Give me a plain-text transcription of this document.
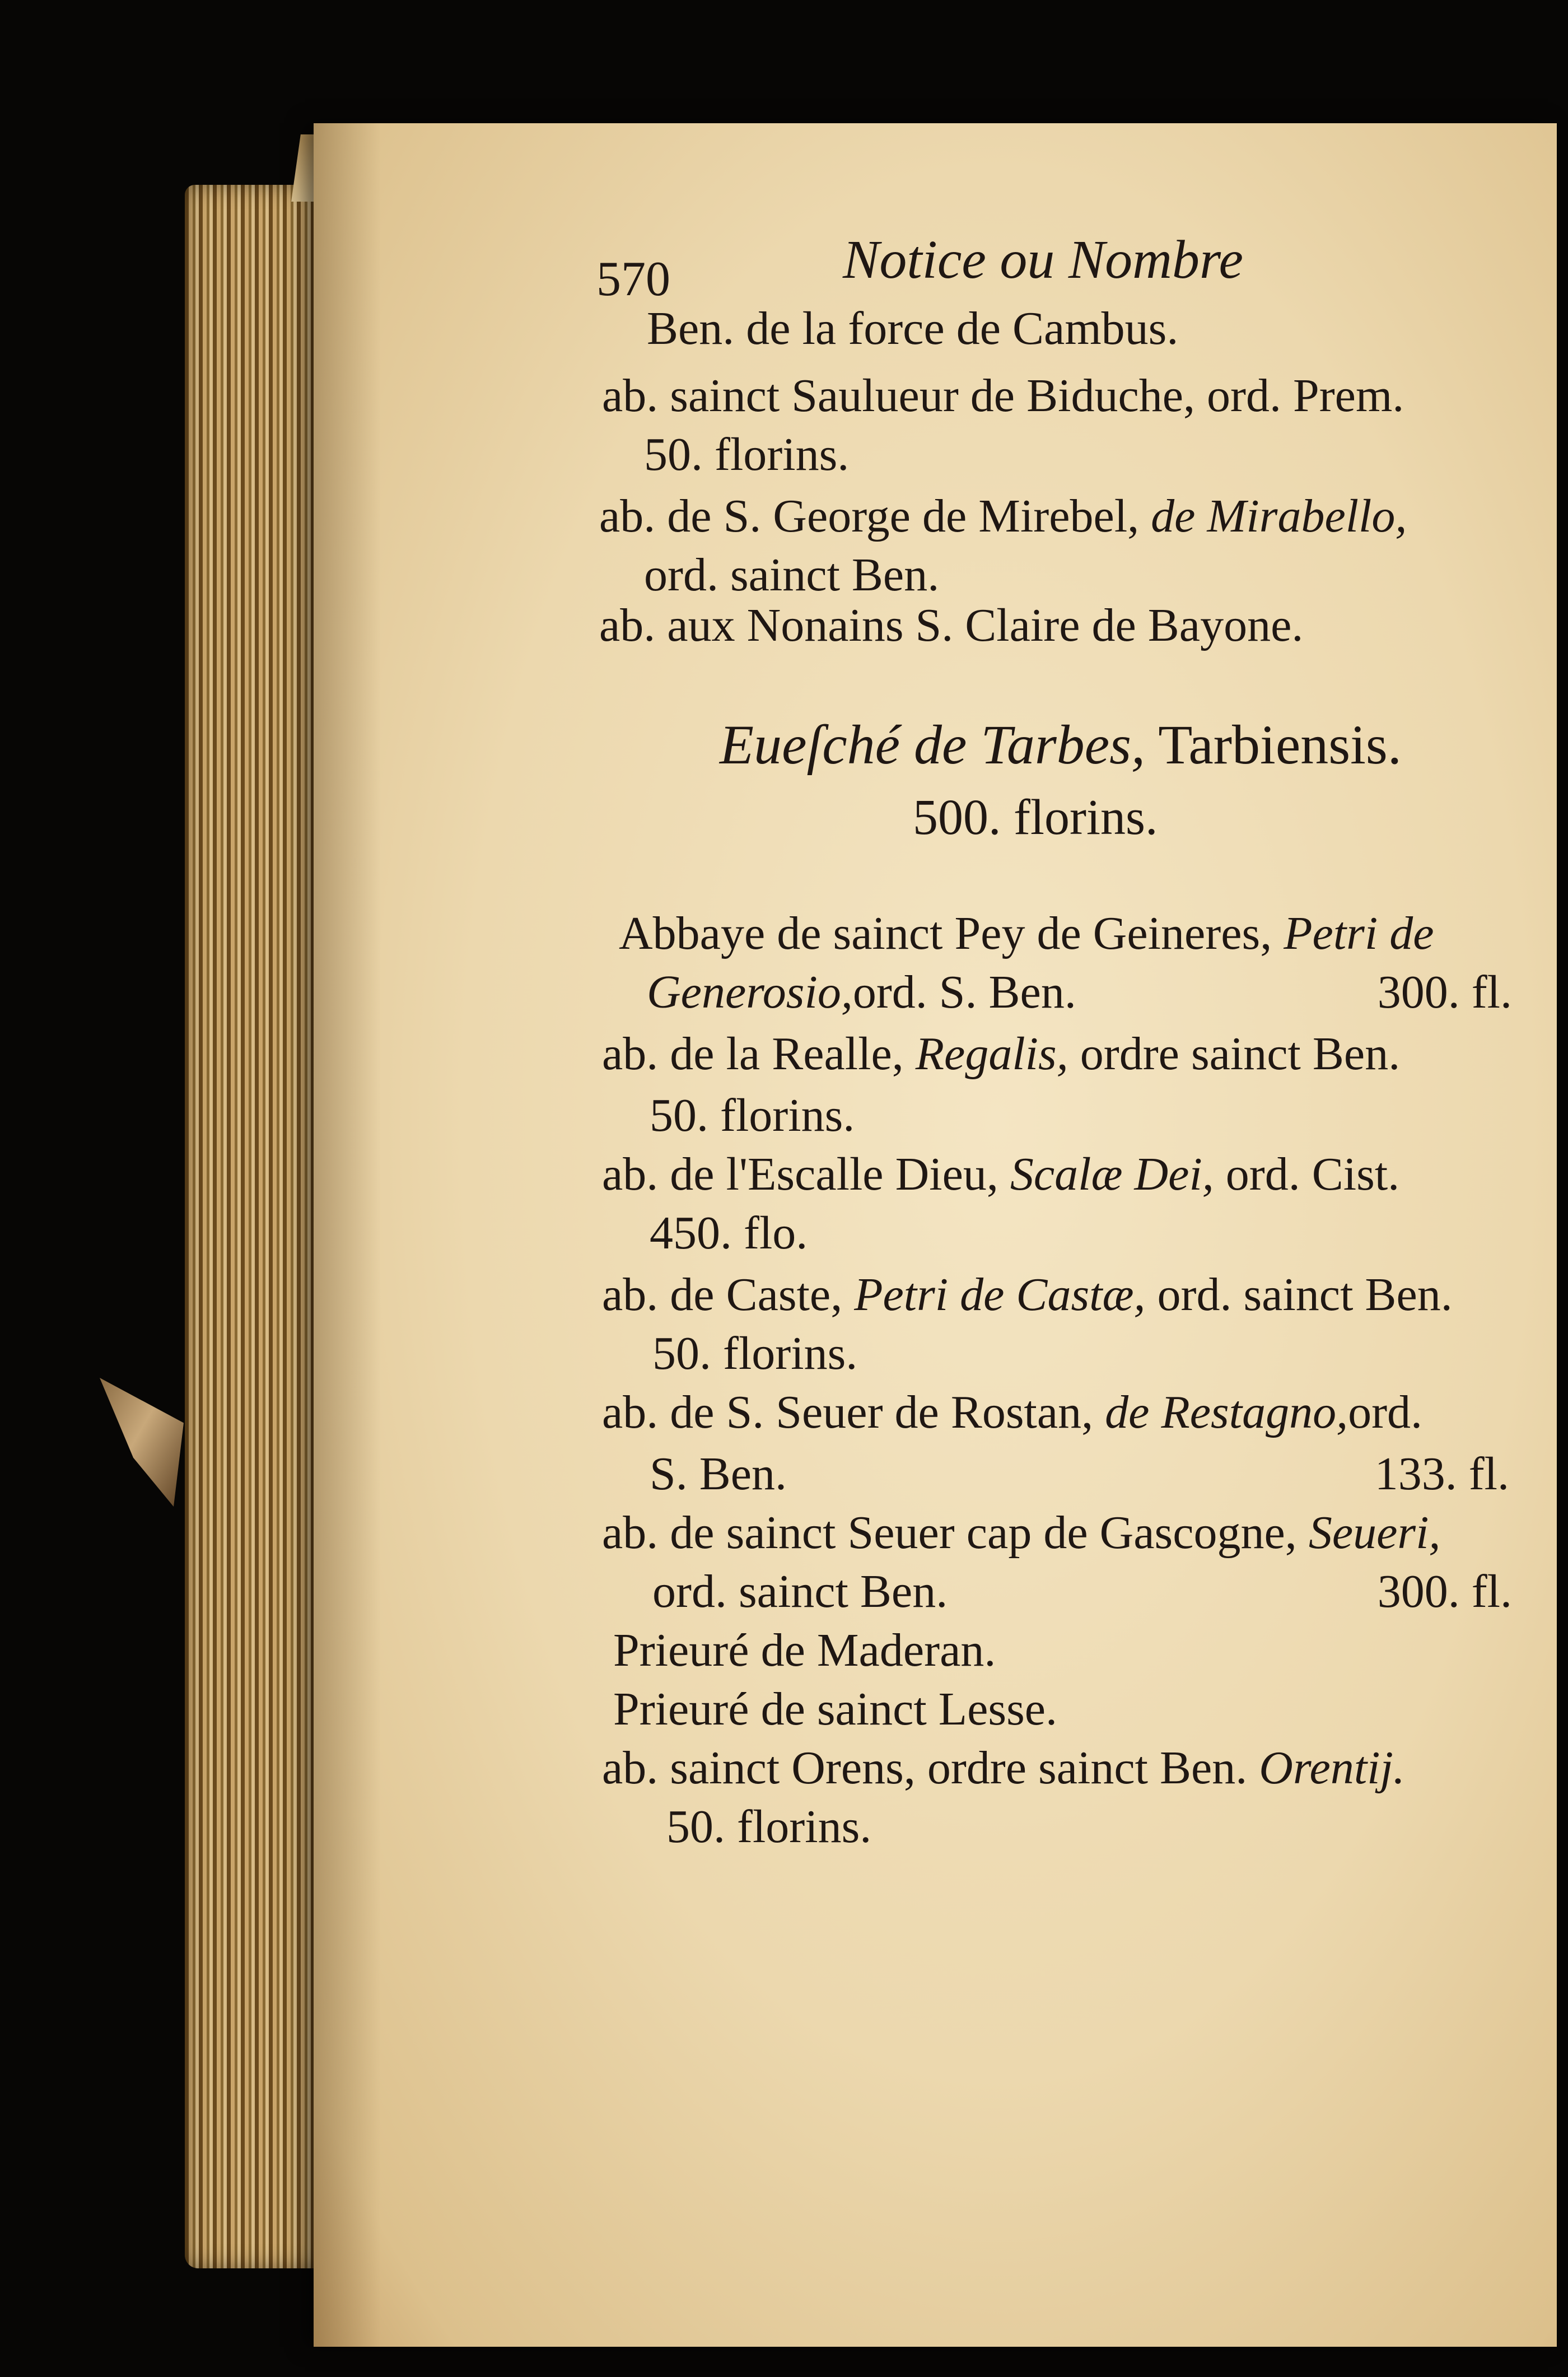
570	Notice ou Nombre
Ben. de la force de Cambus.
ab. sainct Saulueur de Biduche, ord. Prem.
50. florins.
ab. de S. George de Mirebel, de Mirabello,
ord. sainct Ben.
ab. aux Nonains S. Claire de Bayone.
Eueſché de Tarbes, Tarbiensis.
500. florins.
Abbaye de sainct Pey de Geineres, Petri de
Generosio,ord. S. Ben.	300. fl.
ab. de la Realle, Regalis, ordre sainct Ben.
50. florins.
ab. de l'Escalle Dieu, Scalæ Dei, ord. Cist.
450. flo.
ab. de Caste, Petri de Castæ, ord. sainct Ben.
50. florins.
ab. de S. Seuer de Rostan, de Restagno,ord.
S. Ben.	133. fl.
ab. de sainct Seuer cap de Gascogne, Seueri,
ord. sainct Ben.	300. fl.
Prieuré de Maderan.
Prieuré de sainct Lesse.
ab. sainct Orens, ordre sainct Ben. Orentij.
50. florins.
